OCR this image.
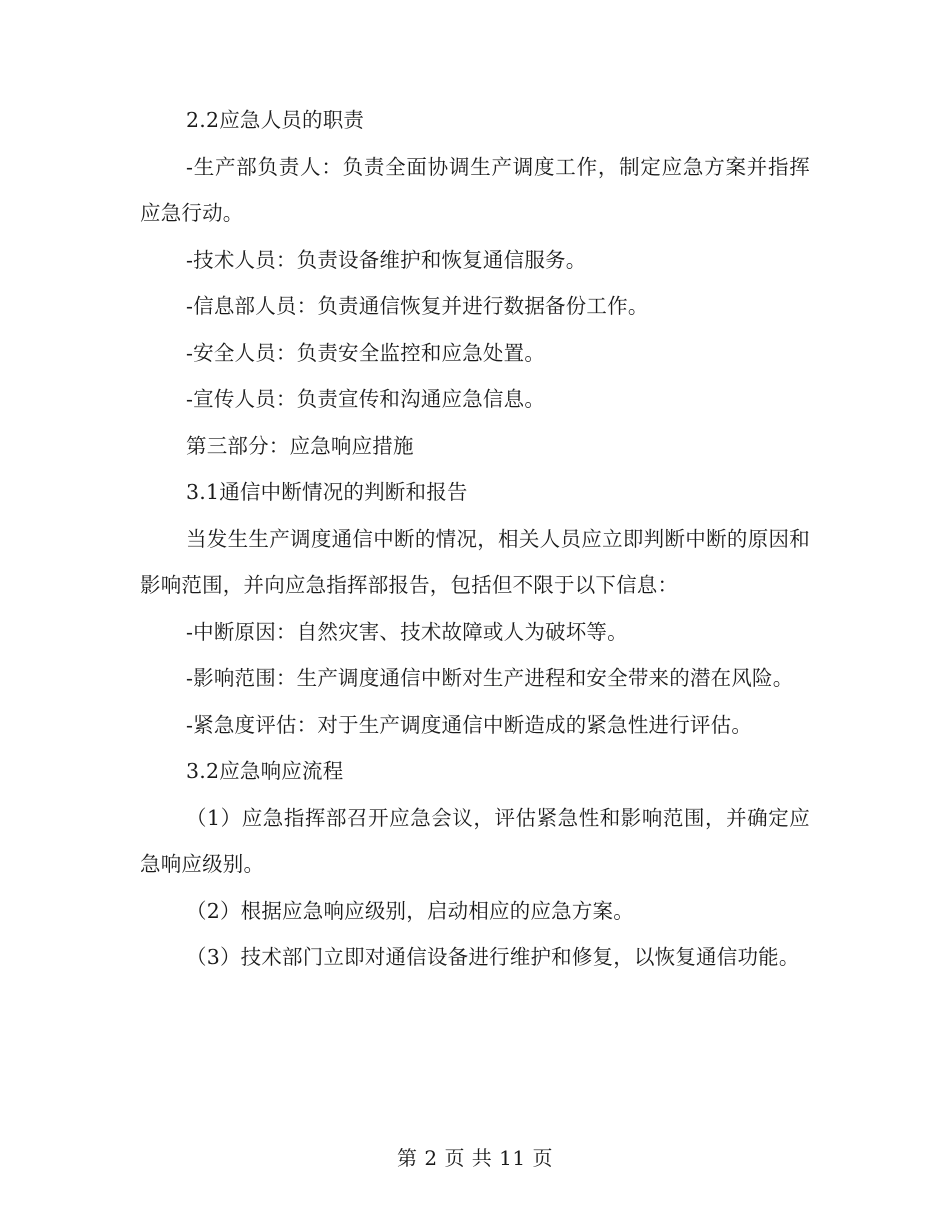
2.2应急人员的职责

-生产部负责人：负责全面协调生产调度工作，制定应急方案并指挥应急行动。

-技术人员：负责设备维护和恢复通信服务。

-信息部人员：负责通信恢复并进行数据备份工作。

-安全人员：负责安全监控和应急处置。

-宣传人员：负责宣传和沟通应急信息。

第三部分：应急响应措施

3.1通信中断情况的判断和报告

当发生生产调度通信中断的情况，相关人员应立即判断中断的原因和影响范围，并向应急指挥部报告，包括但不限于以下信息：

-中断原因：自然灾害、技术故障或人为破坏等。

-影响范围：生产调度通信中断对生产进程和安全带来的潜在风险。

-紧急度评估：对于生产调度通信中断造成的紧急性进行评估。

3.2应急响应流程

（1）应急指挥部召开应急会议，评估紧急性和影响范围，并确定应急响应级别。

（2）根据应急响应级别，启动相应的应急方案。

（3）技术部门立即对通信设备进行维护和修复，以恢复通信功能。

第 2 页 共 11 页
